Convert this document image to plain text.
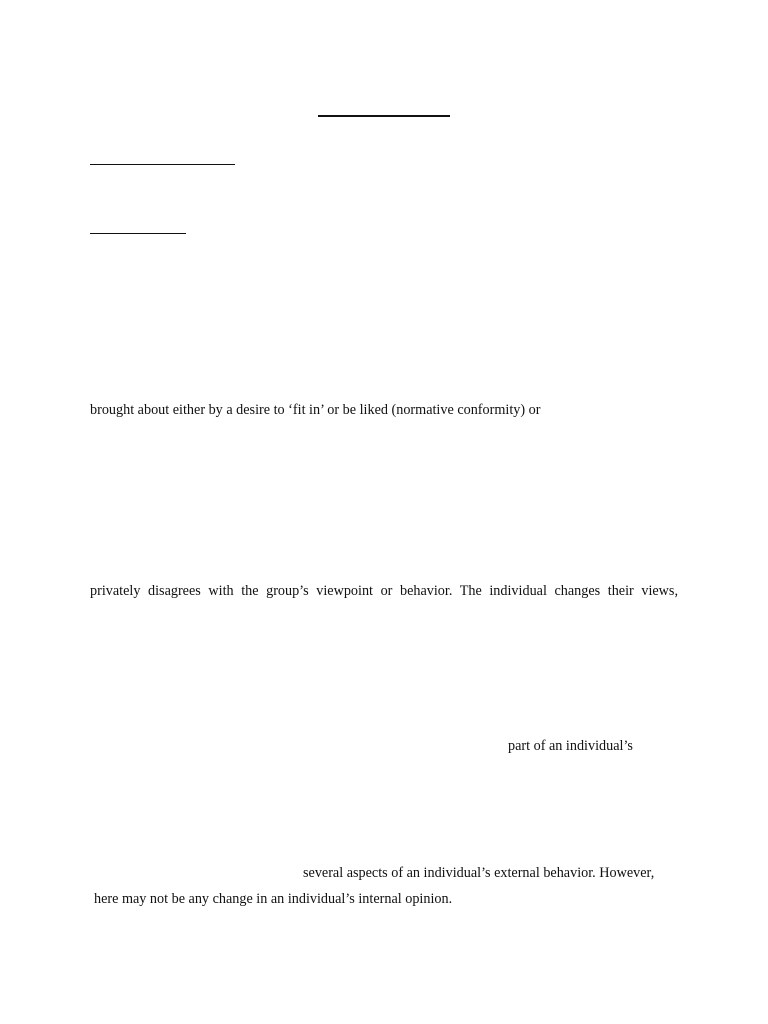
brought about either by a desire to ‘fit in’ or be liked (normative conformity) or

privately disagrees with the group’s viewpoint or behavior. The individual changes their views,

part of an individual’s

several aspects of an individual’s external behavior. However,

here may not be any change in an individual’s internal opinion.
